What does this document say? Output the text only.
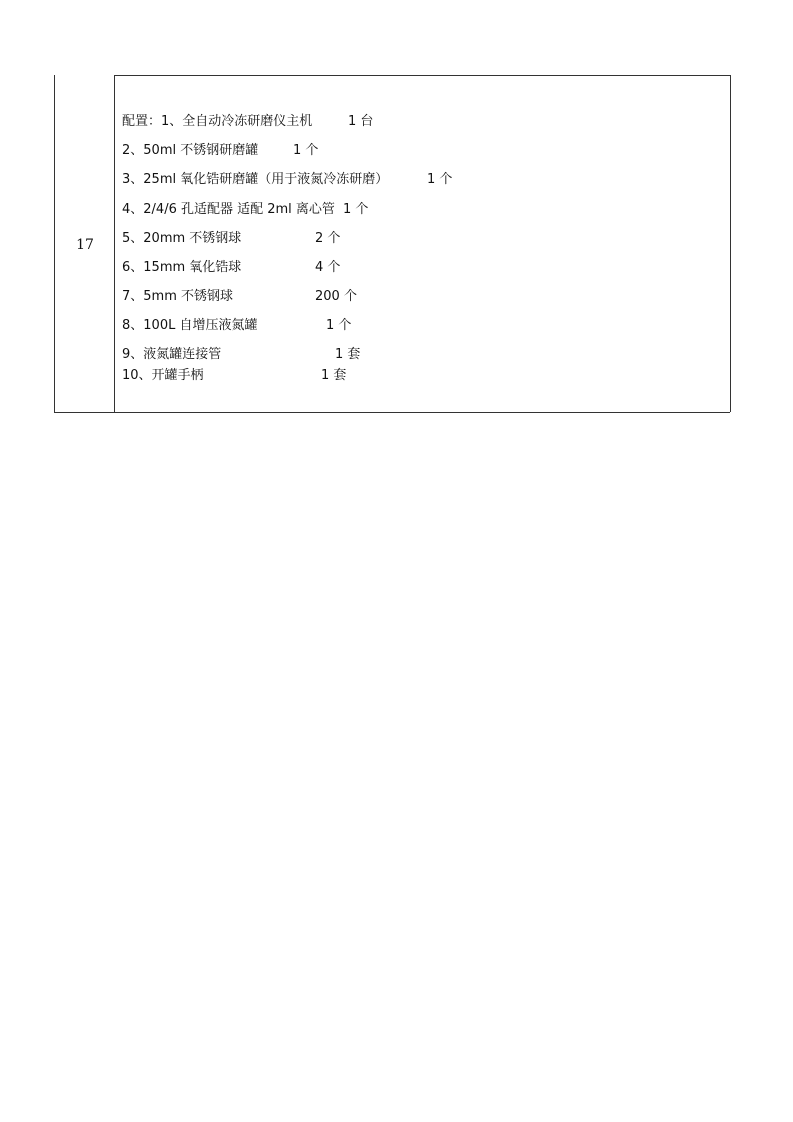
17
配置：1、全自动冷冻研磨仪主机	1 台
2、50ml 不锈钢研磨罐	1 个
3、25ml 氧化锆研磨罐（用于液氮冷冻研磨）	1 个
4、2/4/6 孔适配器 适配 2ml 离心管 1 个
5、20mm 不锈钢球	2 个
6、15mm 氧化锆球	4 个
7、5mm 不锈钢球	200 个
8、100L 自增压液氮罐	1 个
9、液氮罐连接管	1 套
10、开罐手柄	1 套
